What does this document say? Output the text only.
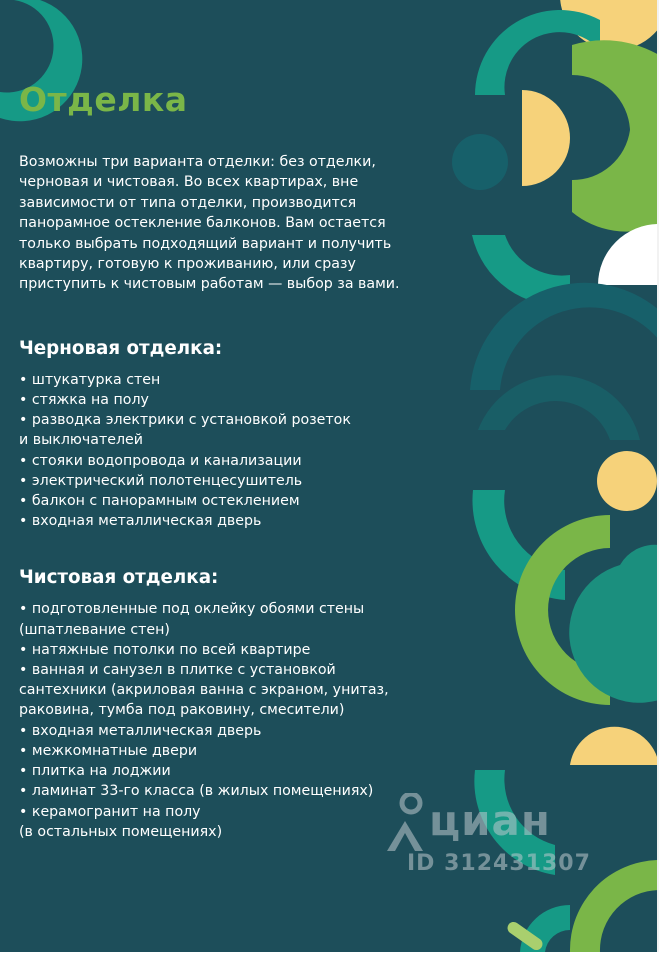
Отделка

Возможны три варианта отделки: без отделки, черновая и чистовая. Во всех квартирах, вне зависимости от типа отделки, производится панорамное остекление балконов. Вам остается только выбрать подходящий вариант и получить квартиру, готовую к проживанию, или сразу приступить к чистовым работам — выбор за вами.

Черновая отделка:
• штукатурка стен
• стяжка на полу
• разводка электрики с установкой розеток
и выключателей
• стояки водопровода и канализации
• электрический полотенцесушитель
• балкон с панорамным остеклением
• входная металлическая дверь
Чистовая отделка:
• подготовленные под оклейку обоями стены
(шпатлевание стен)
• натяжные потолки по всей квартире
• ванная и санузел в плитке с установкой
сантехники (акриловая ванна с экраном, унитаз,
раковина, тумба под раковину, смесители)
• входная металлическая дверь
• межкомнатные двери
• плитка на лоджии
• ламинат 33-го класса (в жилых помещениях)
• керамогранит на полу
(в остальных помещениях)	циан
ID 312431307
